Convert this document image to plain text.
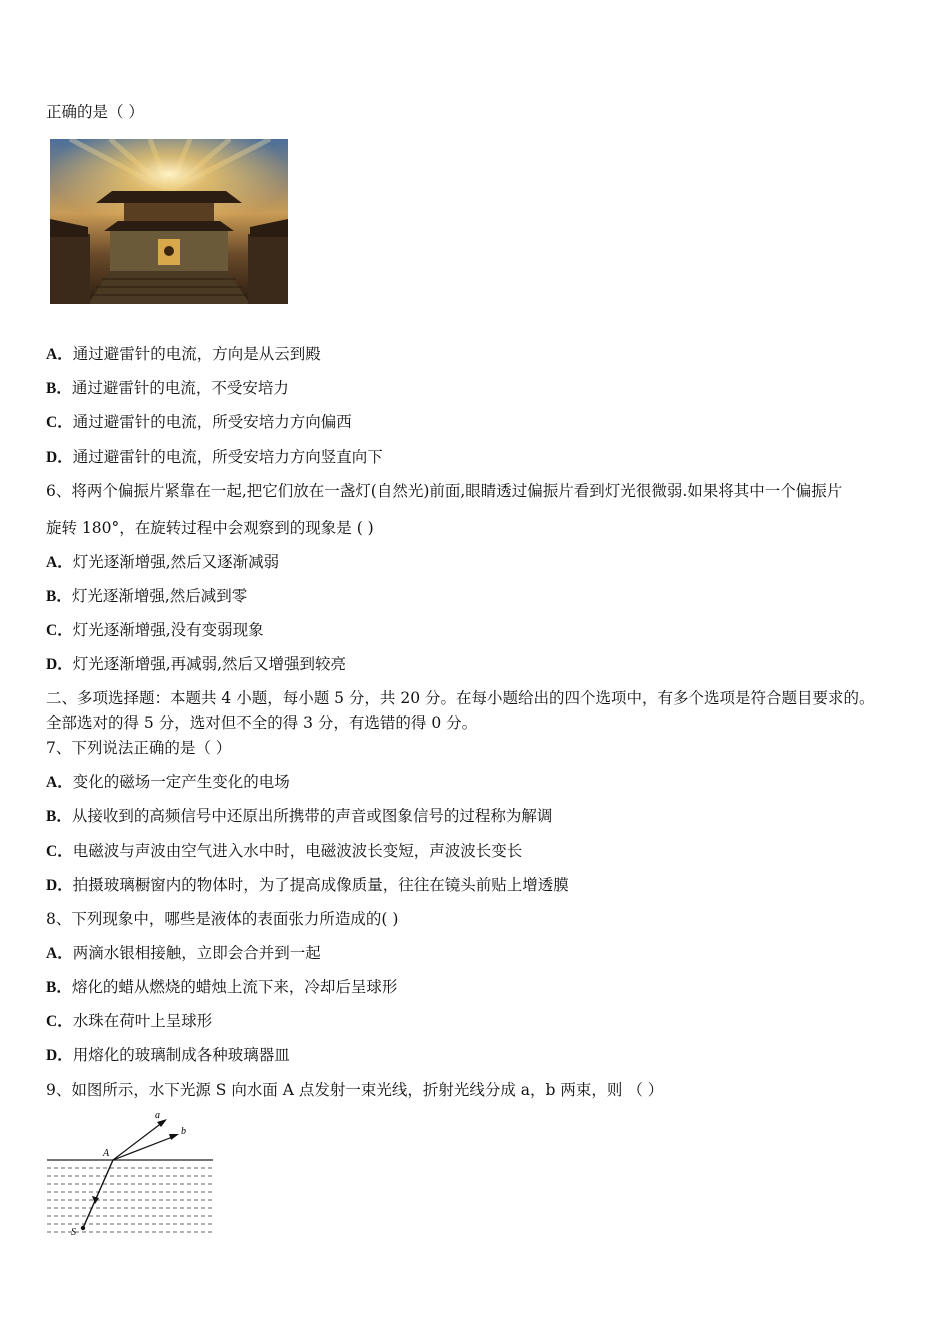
正确的是（ ）
A．通过避雷针的电流，方向是从云到殿
B．通过避雷针的电流，不受安培力
C．通过避雷针的电流，所受安培力方向偏西
D．通过避雷针的电流，所受安培力方向竖直向下
6、将两个偏振片紧靠在一起,把它们放在一盏灯(自然光)前面,眼睛透过偏振片看到灯光很微弱.如果将其中一个偏振片
旋转 180°，在旋转过程中会观察到的现象是 ( )
A．灯光逐渐增强,然后又逐渐减弱
B．灯光逐渐增强,然后减到零
C．灯光逐渐增强,没有变弱现象
D．灯光逐渐增强,再减弱,然后又增强到较亮
二、多项选择题：本题共 4 小题，每小题 5 分，共 20 分。在每小题给出的四个选项中，有多个选项是符合题目要求的。
全部选对的得 5 分，选对但不全的得 3 分，有选错的得 0 分。
7、下列说法正确的是（ ）
A．变化的磁场一定产生变化的电场
B．从接收到的高频信号中还原出所携带的声音或图象信号的过程称为解调
C．电磁波与声波由空气进入水中时，电磁波波长变短，声波波长变长
D．拍摄玻璃橱窗内的物体时，为了提高成像质量，往往在镜头前贴上增透膜
8、下列现象中，哪些是液体的表面张力所造成的( )
A．两滴水银相接触，立即会合并到一起
B．熔化的蜡从燃烧的蜡烛上流下来，冷却后呈球形
C．水珠在荷叶上呈球形
D．用熔化的玻璃制成各种玻璃器皿
9、如图所示，水下光源 S 向水面 A 点发射一束光线，折射光线分成 a，b 两束，则 （ ）
a
b
A
S
